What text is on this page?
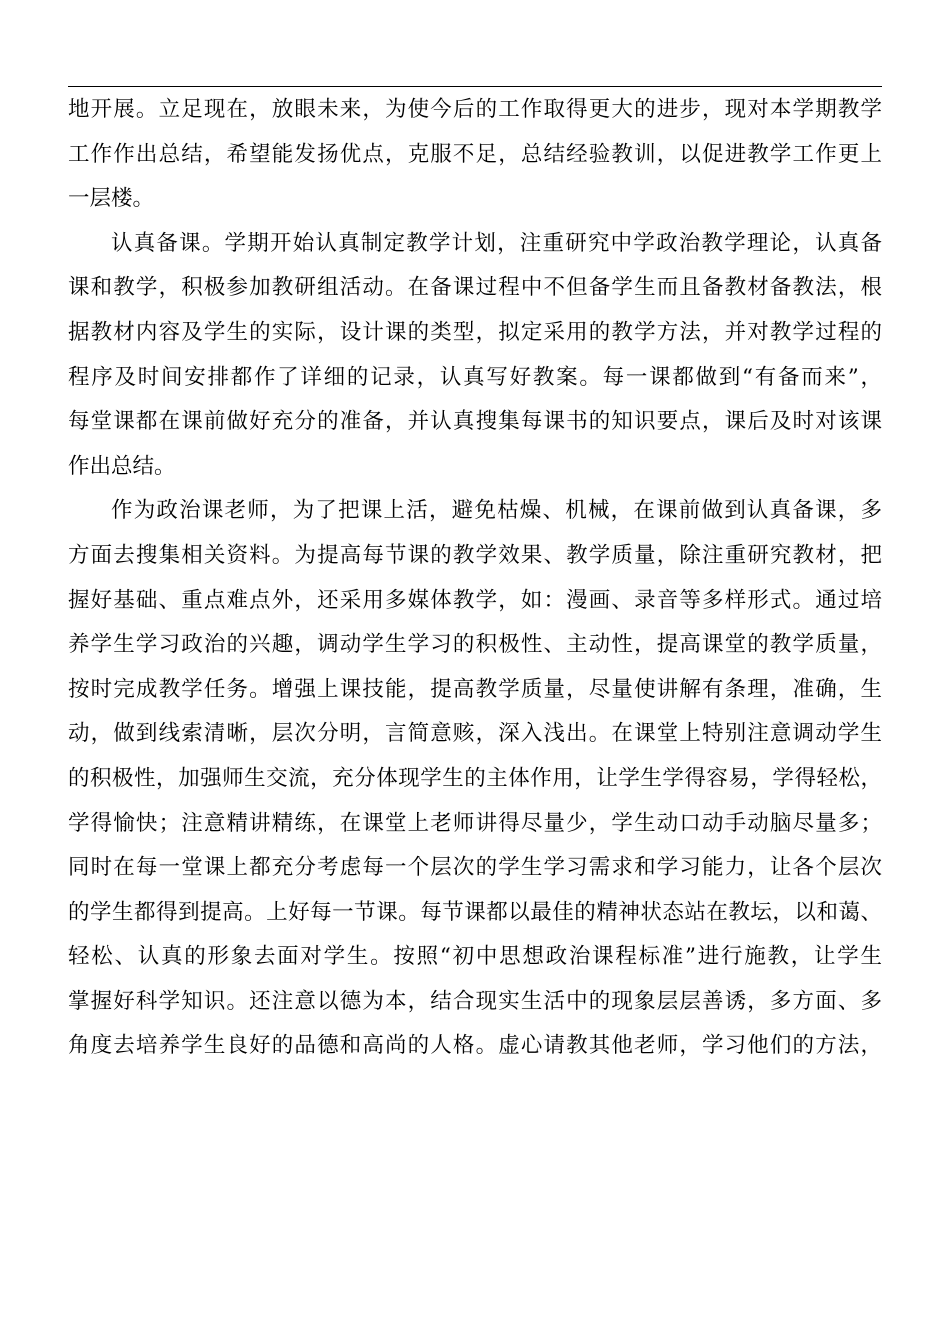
地开展。立足现在，放眼未来，为使今后的工作取得更大的进步，现对本学期教学
工作作出总结，希望能发扬优点，克服不足，总结经验教训，以促进教学工作更上
一层楼。
认真备课。学期开始认真制定教学计划，注重研究中学政治教学理论，认真备
课和教学，积极参加教研组活动。在备课过程中不但备学生而且备教材备教法，根
据教材内容及学生的实际，设计课的类型，拟定采用的教学方法，并对教学过程的
程序及时间安排都作了详细的记录，认真写好教案。每一课都做到“有备而来”，
每堂课都在课前做好充分的准备，并认真搜集每课书的知识要点，课后及时对该课
作出总结。
作为政治课老师，为了把课上活，避免枯燥、机械，在课前做到认真备课，多
方面去搜集相关资料。为提高每节课的教学效果、教学质量，除注重研究教材，把
握好基础、重点难点外，还采用多媒体教学，如：漫画、录音等多样形式。通过培
养学生学习政治的兴趣，调动学生学习的积极性、主动性，提高课堂的教学质量，
按时完成教学任务。增强上课技能，提高教学质量，尽量使讲解有条理，准确，生
动，做到线索清晰，层次分明，言简意赅，深入浅出。在课堂上特别注意调动学生
的积极性，加强师生交流，充分体现学生的主体作用，让学生学得容易，学得轻松，
学得愉快；注意精讲精练，在课堂上老师讲得尽量少，学生动口动手动脑尽量多；
同时在每一堂课上都充分考虑每一个层次的学生学习需求和学习能力，让各个层次
的学生都得到提高。上好每一节课。每节课都以最佳的精神状态站在教坛，以和蔼、
轻松、认真的形象去面对学生。按照“初中思想政治课程标准”进行施教，让学生
掌握好科学知识。还注意以德为本，结合现实生活中的现象层层善诱，多方面、多
角度去培养学生良好的品德和高尚的人格。虚心请教其他老师，学习他们的方法，
